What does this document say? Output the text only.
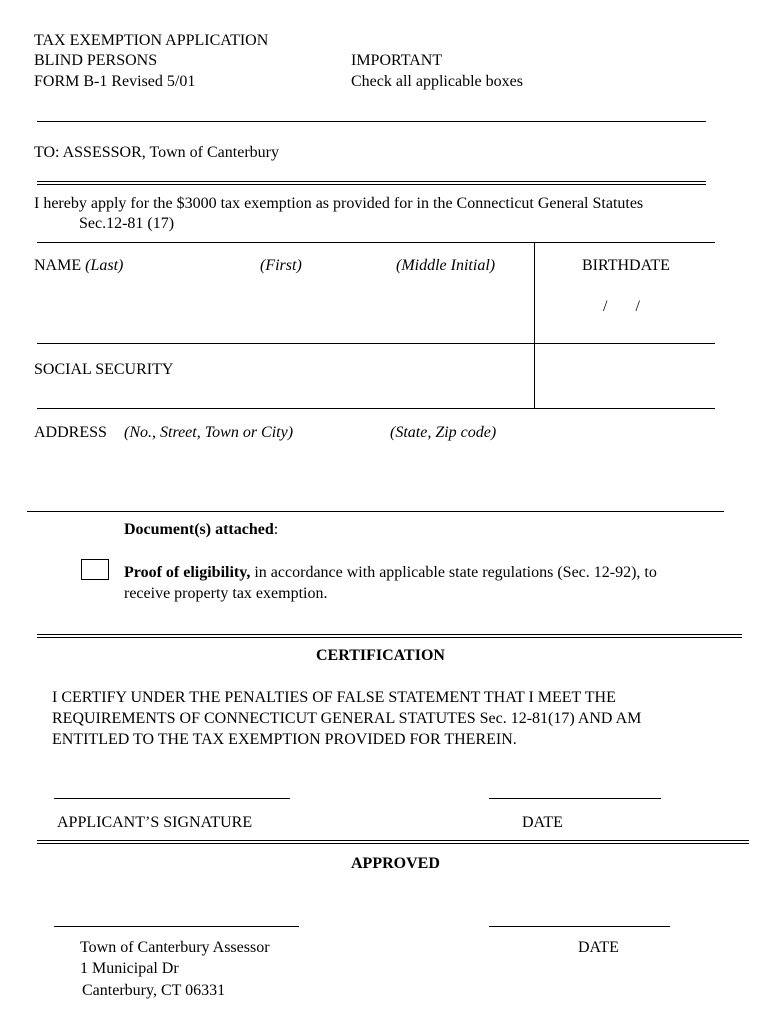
TAX EXEMPTION APPLICATION
BLIND PERSONS
FORM B-1 Revised 5/01
IMPORTANT
Check all applicable boxes
TO: ASSESSOR, Town of Canterbury
I hereby apply for the $3000 tax exemption as provided for in the Connecticut General Statutes
Sec.12-81 (17)
NAME (Last)	(First)	(Middle Initial)	BIRTHDATE
/       /
SOCIAL SECURITY
ADDRESS (No., Street, Town or City)	(State, Zip code)
Document(s) attached:
Proof of eligibility, in accordance with applicable state regulations (Sec. 12-92), to
receive property tax exemption.
CERTIFICATION
I CERTIFY UNDER THE PENALTIES OF FALSE STATEMENT THAT I MEET THE
REQUIREMENTS OF CONNECTICUT GENERAL STATUTES Sec. 12-81(17) AND AM
ENTITLED TO THE TAX EXEMPTION PROVIDED FOR THEREIN.
APPLICANT’S SIGNATURE	DATE
APPROVED
Town of Canterbury Assessor
1 Municipal Dr
Canterbury, CT 06331
DATE
